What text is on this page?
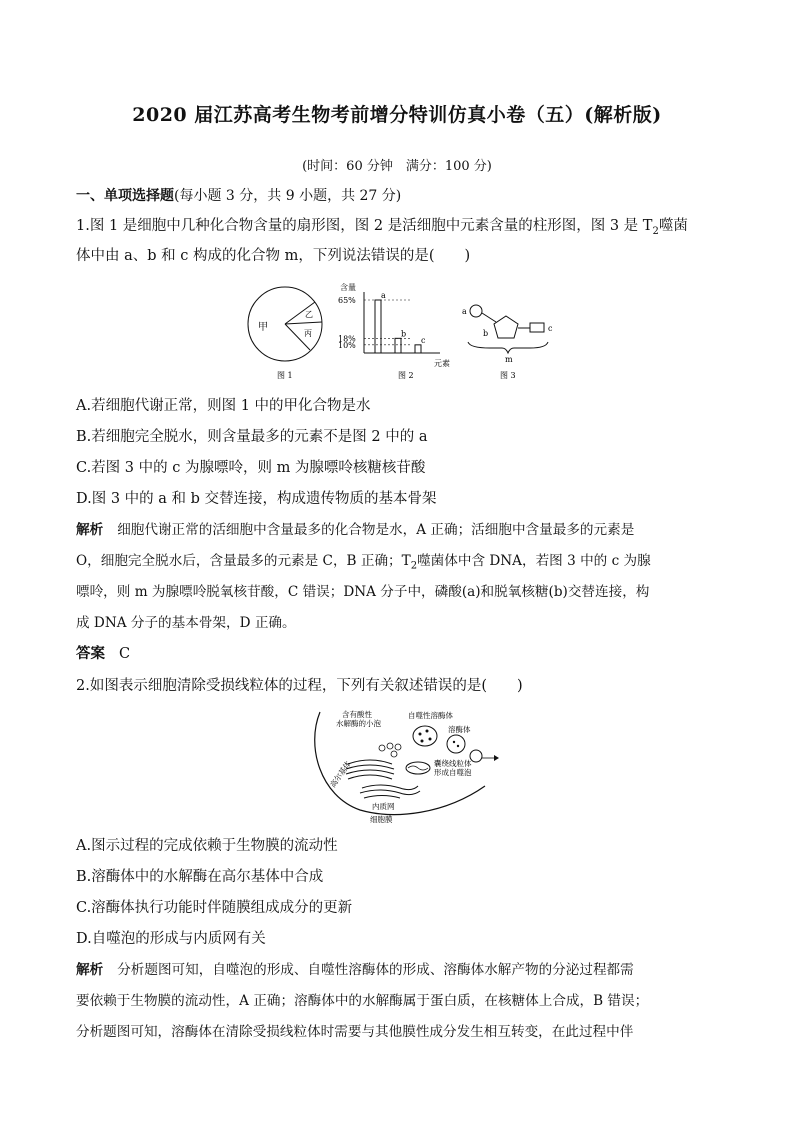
2020 届江苏高考生物考前增分特训仿真小卷（五）(解析版)
(时间：60 分钟　满分：100 分)
一、单项选择题(每小题 3 分，共 9 小题，共 27 分)
1.图 1 是细胞中几种化合物含量的扇形图，图 2 是活细胞中元素含量的柱形图，图 3 是 $T_2$噬菌
体中由 a、b 和 c 构成的化合物 m，下列说法错误的是( )
甲
乙
丙
图 1
含量
元素
图 2
65%
18%
10%
a
b
c
a
b
c
m
图 3
A.若细胞代谢正常，则图 1 中的甲化合物是水
B.若细胞完全脱水，则含量最多的元素不是图 2 中的 a
C.若图 3 中的 c 为腺嘌呤，则 m 为腺嘌呤核糖核苷酸
D.图 3 中的 a 和 b 交替连接，构成遗传物质的基本骨架
解析 细胞代谢正常的活细胞中含量最多的化合物是水，A 正确；活细胞中含量最多的元素是
O，细胞完全脱水后，含量最多的元素是 C，B 正确；$T_2$噬菌体中含 DNA，若图 3 中的 c 为腺
嘌呤，则 m 为腺嘌呤脱氧核苷酸，C 错误；DNA 分子中，磷酸(a)和脱氧核糖(b)交替连接，构
成 DNA 分子的基本骨架，D 正确。
答案 C
2.如图表示细胞清除受损线粒体的过程，下列有关叙述错误的是( )
含有酸性
水解酶的小泡
自噬性溶酶体
溶酶体
高尔基体	囊绕线粒体
形成自噬泡
内质网
细胞膜
A.图示过程的完成依赖于生物膜的流动性
B.溶酶体中的水解酶在高尔基体中合成
C.溶酶体执行功能时伴随膜组成成分的更新
D.自噬泡的形成与内质网有关
解析 分析题图可知，自噬泡的形成、自噬性溶酶体的形成、溶酶体水解产物的分泌过程都需
要依赖于生物膜的流动性，A 正确；溶酶体中的水解酶属于蛋白质，在核糖体上合成，B 错误；
分析题图可知，溶酶体在清除受损线粒体时需要与其他膜性成分发生相互转变，在此过程中伴
